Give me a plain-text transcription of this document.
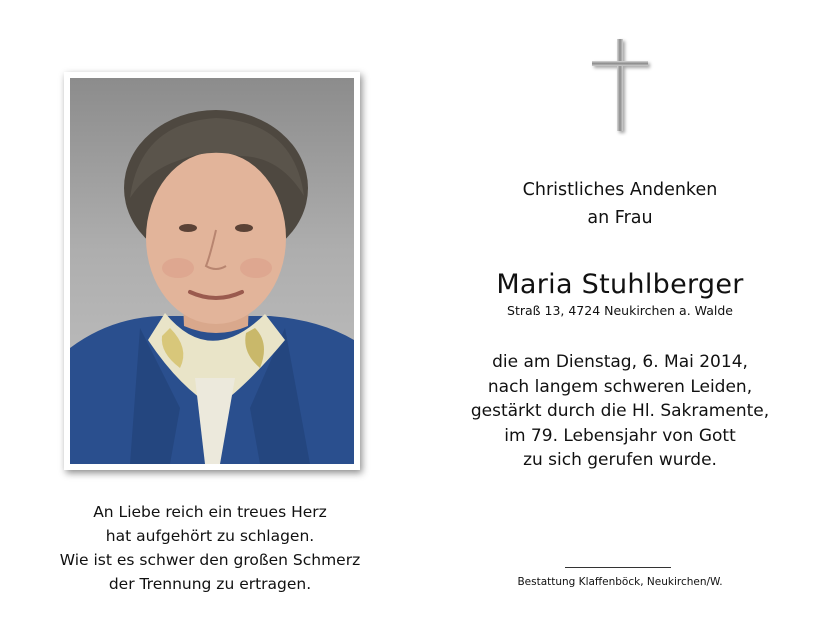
An Liebe reich ein treues Herz
hat aufgehört zu schlagen.
Wie ist es schwer den großen Schmerz
der Trennung zu ertragen.
Christliches Andenken
an Frau
Maria Stuhlberger
Straß 13, 4724 Neukirchen a. Walde
die am Dienstag, 6. Mai 2014,
nach langem schweren Leiden,
gestärkt durch die Hl. Sakramente,
im 79. Lebensjahr von Gott
zu sich gerufen wurde.
Bestattung Klaffenböck, Neukirchen/W.
